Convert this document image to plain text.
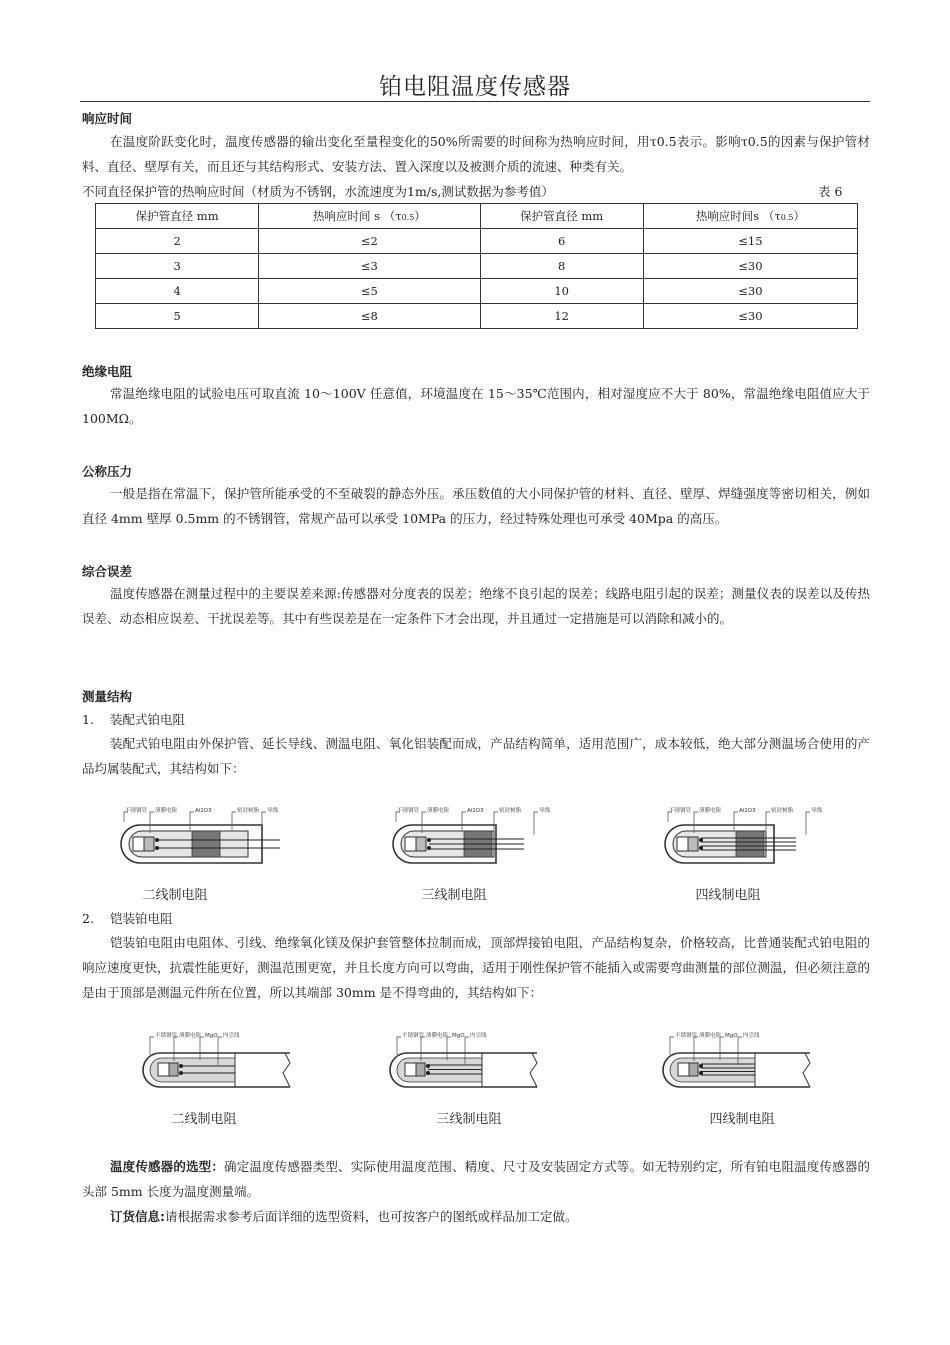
铂电阻温度传感器
响应时间
在温度阶跃变化时，温度传感器的输出变化至量程变化的50%所需要的时间称为热响应时间，用τ0.5表示。影响τ0.5的因素与保护管材料、直径、壁厚有关，而且还与其结构形式、安装方法、置入深度以及被测介质的流速、种类有关。
不同直径保护管的热响应时间（材质为不锈钢，水流速度为1m/s,测试数据为参考值）	表 6
保护管直径 mm	热响应时间 s （τ0.5）	保护管直径 mm	热响应时间s （τ0.5）
2	≤2	6	≤15
3	≤3	8	≤30
4	≤5	10	≤30
5	≤8	12	≤30
绝缘电阻
常温绝缘电阻的试验电压可取直流 10～100V 任意值，环境温度在 15～35℃范围内，相对湿度应不大于 80%，常温绝缘电阻值应大于 100MΩ。
公称压力
一般是指在常温下，保护管所能承受的不至破裂的静态外压。承压数值的大小同保护管的材料、直径、壁厚、焊缝强度等密切相关，例如直径 4mm 壁厚 0.5mm 的不锈钢管，常规产品可以承受 10MPa 的压力，经过特殊处理也可承受 40Mpa 的高压。
综合误差
温度传感器在测量过程中的主要误差来源:传感器对分度表的误差；绝缘不良引起的误差；线路电阻引起的误差；测量仪表的误差以及传热误差、动态相应误差、干扰误差等。其中有些误差是在一定条件下才会出现，并且通过一定措施是可以消除和减小的。
测量结构
1. 装配式铂电阻
装配式铂电阻由外保护管、延长导线、测温电阻、氧化铝装配而成，产品结构简单，适用范围广，成本较低，绝大部分测温场合使用的产品均属装配式，其结构如下：
不锈钢管 薄膜电阻	Al2O3	密封树脂 导线	不锈钢管 薄膜电阻	Al2O3	密封树脂	导线	不锈钢管 薄膜电阻	Al2O3	密封树脂	导线
二线制电阻	三线制电阻	四线制电阻
2. 铠装铂电阻
铠装铂电阻由电阻体、引线、绝缘氧化镁及保护套管整体拉制而成，顶部焊接铂电阻，产品结构复杂，价格较高，比普通装配式铂电阻的响应速度更快，抗震性能更好，测温范围更宽，并且长度方向可以弯曲，适用于刚性保护管不能插入或需要弯曲测量的部位测温，但必须注意的是由于顶部是测温元件所在位置，所以其端部 30mm 是不得弯曲的，其结构如下：
不锈钢管 薄膜电阻 MgO 内引线	不锈钢管 薄膜电阻 MgO 内引线	不锈钢管 薄膜电阻 MgO 内引线
二线制电阻	三线制电阻	四线制电阻
温度传感器的选型：确定温度传感器类型、实际使用温度范围、精度、尺寸及安装固定方式等。如无特别约定，所有铂电阻温度传感器的头部 5mm 长度为温度测量端。
订货信息:请根据需求参考后面详细的选型资料，也可按客户的图纸或样品加工定做。
